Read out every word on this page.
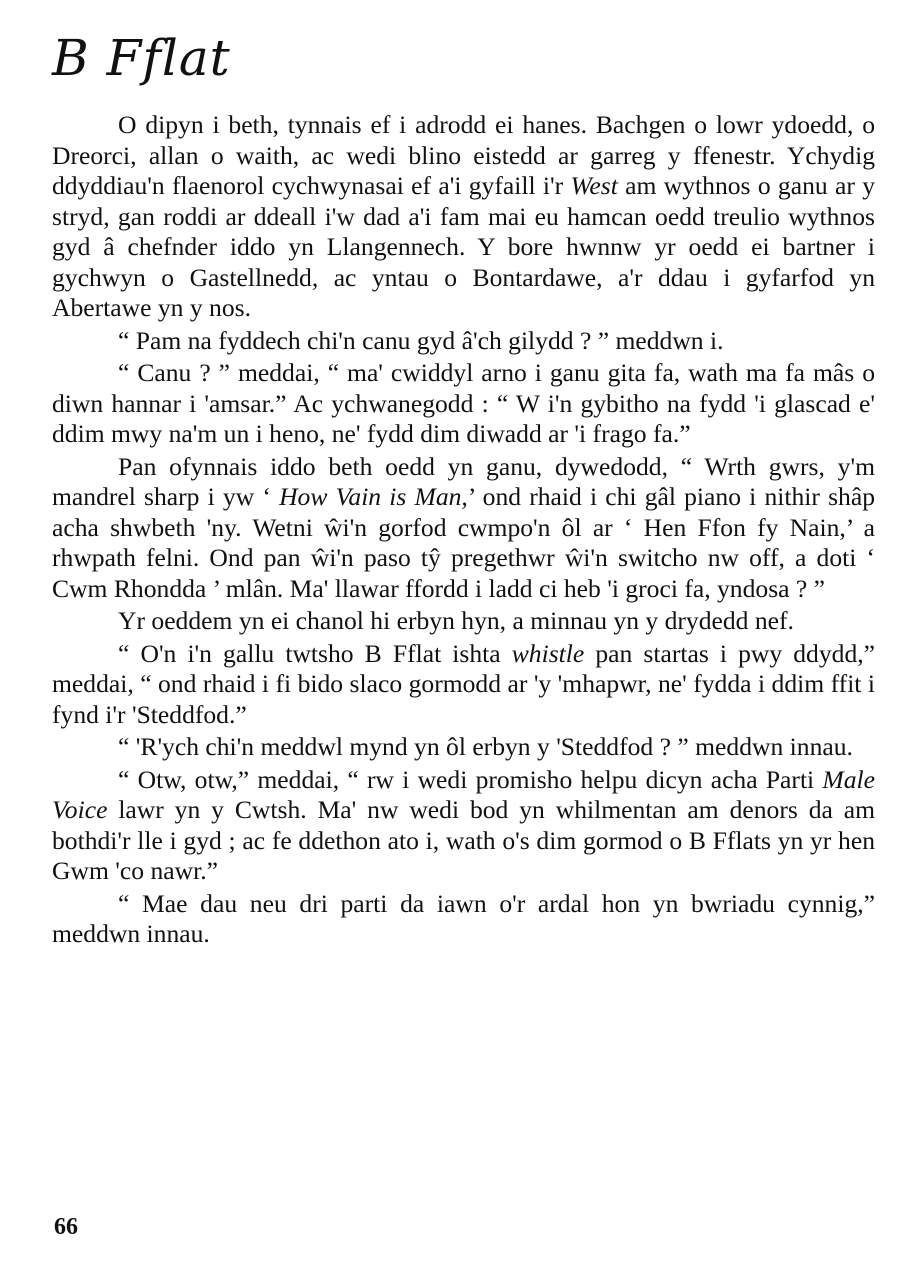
B Fflat

O dipyn i beth, tynnais ef i adrodd ei hanes. Bachgen o lowr ydoedd, o Dreorci, allan o waith, ac wedi blino eistedd ar garreg y ffenestr. Ychydig ddyddiau'n flaenorol cychwynasai ef a'i gyfaill i'r West am wythnos o ganu ar y stryd, gan roddi ar ddeall i'w dad a'i fam mai eu hamcan oedd treulio wythnos gyd â chefnder iddo yn Llangennech. Y bore hwnnw yr oedd ei bartner i gychwyn o Gastellnedd, ac yntau o Bontardawe, a'r ddau i gyfarfod yn Abertawe yn y nos.

“ Pam na fyddech chi'n canu gyd â'ch gilydd ? ” meddwn i.

“ Canu ? ” meddai, “ ma' cwiddyl arno i ganu gita fa, wath ma fa mâs o diwn hannar i 'amsar.” Ac ychwanegodd : “ W i'n gybitho na fydd 'i glascad e' ddim mwy na'm un i heno, ne' fydd dim diwadd ar 'i frago fa.”

Pan ofynnais iddo beth oedd yn ganu, dywedodd, “ Wrth gwrs, y'm mandrel sharp i yw ‘ How Vain is Man,’ ond rhaid i chi gâl piano i nithir shâp acha shwbeth 'ny. Wetni ŵi'n gorfod cwmpo'n ôl ar ‘ Hen Ffon fy Nain,’ a rhwpath felni. Ond pan ŵi'n paso tŷ pregethwr ŵi'n switcho nw off, a doti ‘ Cwm Rhondda ’ mlân. Ma' llawar ffordd i ladd ci heb 'i groci fa, yndosa ? ”

Yr oeddem yn ei chanol hi erbyn hyn, a minnau yn y drydedd nef.

“ O'n i'n gallu twtsho B Fflat ishta whistle pan startas i pwy ddydd,” meddai, “ ond rhaid i fi bido slaco gormodd ar 'y 'mhapwr, ne' fydda i ddim ffit i fynd i'r 'Steddfod.”

“ 'R'ych chi'n meddwl mynd yn ôl erbyn y 'Steddfod ? ” meddwn innau.

“ Otw, otw,” meddai, “ rw i wedi promisho helpu dicyn acha Parti Male Voice lawr yn y Cwtsh. Ma' nw wedi bod yn whilmentan am denors da am bothdi'r lle i gyd ; ac fe ddethon ato i, wath o's dim gormod o B Fflats yn yr hen Gwm 'co nawr.”

“ Mae dau neu dri parti da iawn o'r ardal hon yn bwriadu cynnig,” meddwn innau.

66
